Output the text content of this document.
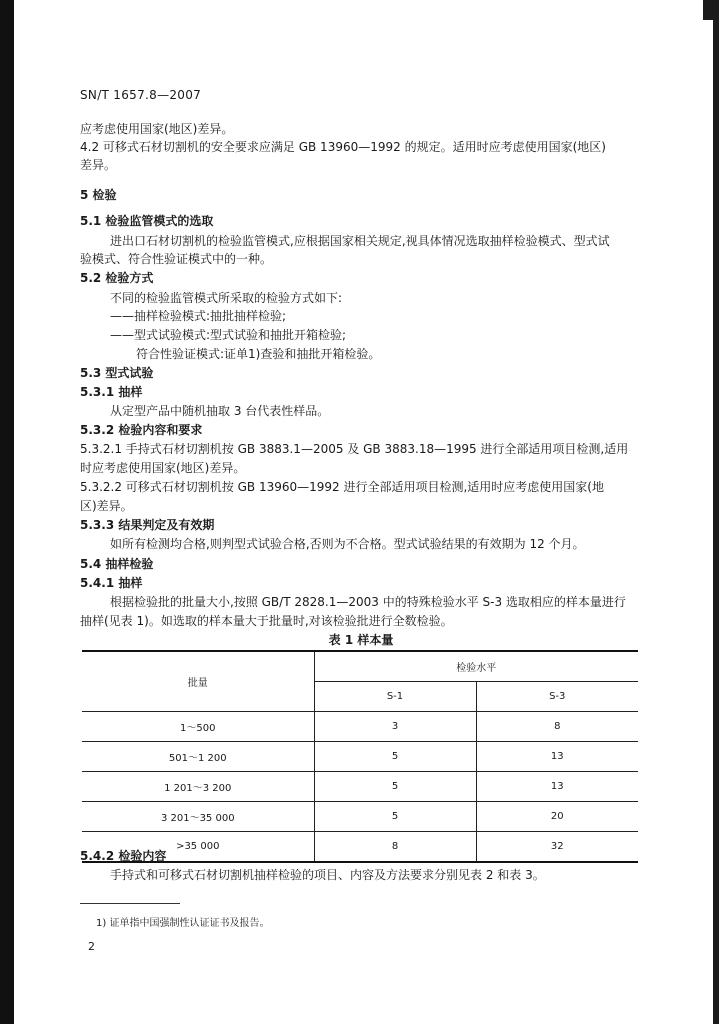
SN/T 1657.8—2007
应考虑使用国家(地区)差异。
4.2 可移式石材切割机的安全要求应满足 GB 13960—1992 的规定。适用时应考虑使用国家(地区)
差异。
5 检验
5.1 检验监管模式的选取
进出口石材切割机的检验监管模式,应根据国家相关规定,视具体情况选取抽样检验模式、型式试
验模式、符合性验证模式中的一种。
5.2 检验方式
不同的检验监管模式所采取的检验方式如下:
——抽样检验模式:抽批抽样检验;
——型式试验模式:型式试验和抽批开箱检验;
符合性验证模式:证单1)查验和抽批开箱检验。
5.3 型式试验
5.3.1 抽样
从定型产品中随机抽取 3 台代表性样品。
5.3.2 检验内容和要求
5.3.2.1 手持式石材切割机按 GB 3883.1—2005 及 GB 3883.18—1995 进行全部适用项目检测,适用
时应考虑使用国家(地区)差异。
5.3.2.2 可移式石材切割机按 GB 13960—1992 进行全部适用项目检测,适用时应考虑使用国家(地
区)差异。
5.3.3 结果判定及有效期
如所有检测均合格,则判型式试验合格,否则为不合格。型式试验结果的有效期为 12 个月。
5.4 抽样检验
5.4.1 抽样
根据检验批的批量大小,按照 GB/T 2828.1—2003 中的特殊检验水平 S-3 选取相应的样本量进行
抽样(见表 1)。如选取的样本量大于批量时,对该检验批进行全数检验。
表 1 样本量
批量	检验水平	
	S-1	S-3
1～500	3	8
501～1 200	5	13
1 201～3 200	5	13
3 201～35 000	5	20
>35 000	8	32
5.4.2 检验内容
手持式和可移式石材切割机抽样检验的项目、内容及方法要求分别见表 2 和表 3。
1) 证单指中国强制性认证证书及报告。
2
